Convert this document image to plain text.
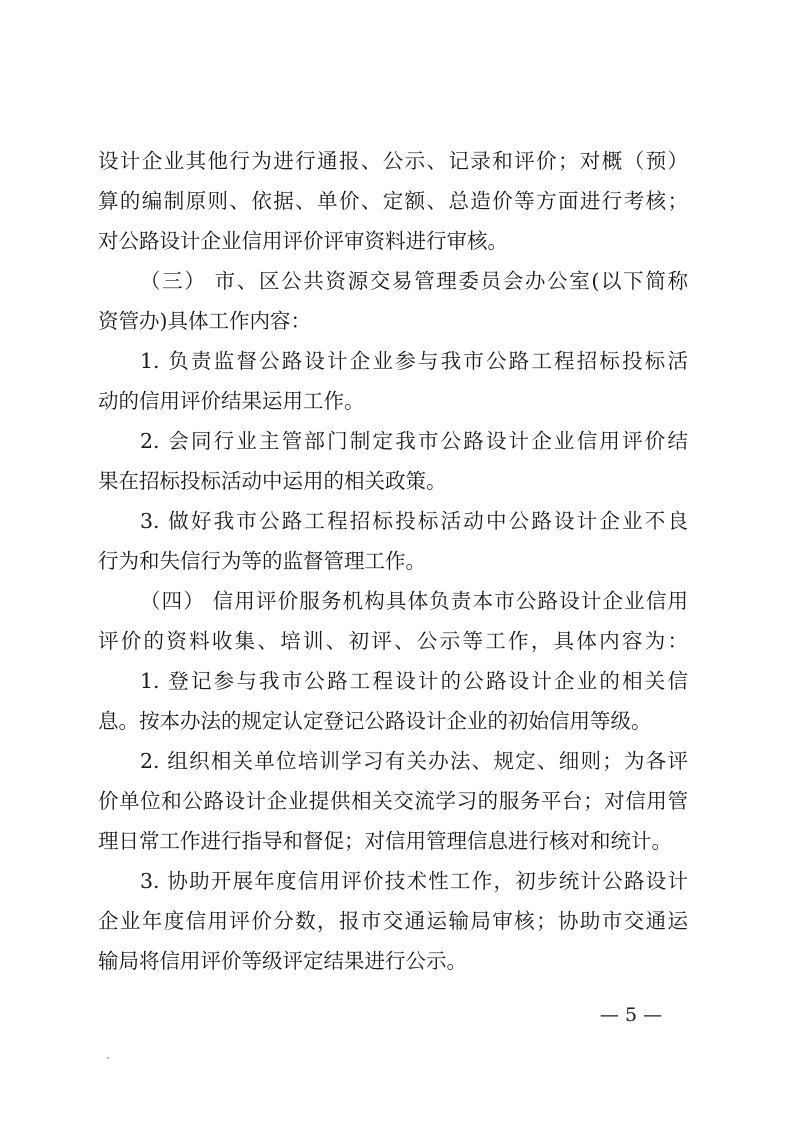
设计企业其他行为进行通报、公示、记录和评价；对概（预）
算的编制原则、依据、单价、定额、总造价等方面进行考核；
对公路设计企业信用评价评审资料进行审核。
（三） 市、区公共资源交易管理委员会办公室(以下简称
资管办)具体工作内容：
1. 负责监督公路设计企业参与我市公路工程招标投标活
动的信用评价结果运用工作。
2. 会同行业主管部门制定我市公路设计企业信用评价结
果在招标投标活动中运用的相关政策。
3. 做好我市公路工程招标投标活动中公路设计企业不良
行为和失信行为等的监督管理工作。
（四） 信用评价服务机构具体负责本市公路设计企业信用
评价的资料收集、培训、初评、公示等工作，具体内容为：
1. 登记参与我市公路工程设计的公路设计企业的相关信
息。按本办法的规定认定登记公路设计企业的初始信用等级。
2. 组织相关单位培训学习有关办法、规定、细则；为各评
价单位和公路设计企业提供相关交流学习的服务平台；对信用管
理日常工作进行指导和督促；对信用管理信息进行核对和统计。
3. 协助开展年度信用评价技术性工作，初步统计公路设计
企业年度信用评价分数，报市交通运输局审核；协助市交通运
输局将信用评价等级评定结果进行公示。
— 5 —
